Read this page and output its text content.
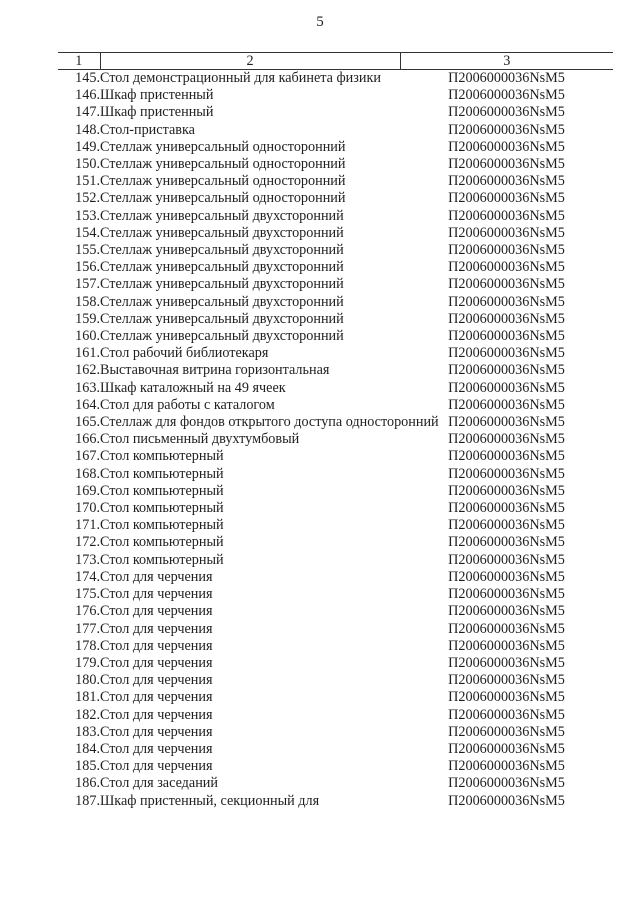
5
1	2	3
145.	Стол демонстрационный для кабинета физики	П2006000036NsM5
146.	Шкаф пристенный	П2006000036NsM5
147.	Шкаф пристенный	П2006000036NsM5
148.	Стол-приставка	П2006000036NsM5
149.	Стеллаж универсальный односторонний	П2006000036NsM5
150.	Стеллаж универсальный односторонний	П2006000036NsM5
151.	Стеллаж универсальный односторонний	П2006000036NsM5
152.	Стеллаж универсальный односторонний	П2006000036NsM5
153.	Стеллаж универсальный двухсторонний	П2006000036NsM5
154.	Стеллаж универсальный двухсторонний	П2006000036NsM5
155.	Стеллаж универсальный двухсторонний	П2006000036NsM5
156.	Стеллаж универсальный двухсторонний	П2006000036NsM5
157.	Стеллаж универсальный двухсторонний	П2006000036NsM5
158.	Стеллаж универсальный двухсторонний	П2006000036NsM5
159.	Стеллаж универсальный двухсторонний	П2006000036NsM5
160.	Стеллаж универсальный двухсторонний	П2006000036NsM5
161.	Стол рабочий библиотекаря	П2006000036NsM5
162.	Выставочная витрина горизонтальная	П2006000036NsM5
163.	Шкаф каталожный на 49 ячеек	П2006000036NsM5
164.	Стол для работы с каталогом	П2006000036NsM5
165.	Стеллаж для фондов открытого доступа односторонний	П2006000036NsM5
166.	Стол письменный двухтумбовый	П2006000036NsM5
167.	Стол компьютерный	П2006000036NsM5
168.	Стол компьютерный	П2006000036NsM5
169.	Стол компьютерный	П2006000036NsM5
170.	Стол компьютерный	П2006000036NsM5
171.	Стол компьютерный	П2006000036NsM5
172.	Стол компьютерный	П2006000036NsM5
173.	Стол компьютерный	П2006000036NsM5
174.	Стол для черчения	П2006000036NsM5
175.	Стол для черчения	П2006000036NsM5
176.	Стол для черчения	П2006000036NsM5
177.	Стол для черчения	П2006000036NsM5
178.	Стол для черчения	П2006000036NsM5
179.	Стол для черчения	П2006000036NsM5
180.	Стол для черчения	П2006000036NsM5
181.	Стол для черчения	П2006000036NsM5
182.	Стол для черчения	П2006000036NsM5
183.	Стол для черчения	П2006000036NsM5
184.	Стол для черчения	П2006000036NsM5
185.	Стол для черчения	П2006000036NsM5
186.	Стол для заседаний	П2006000036NsM5
187.	Шкаф пристенный, секционный для	П2006000036NsM5
